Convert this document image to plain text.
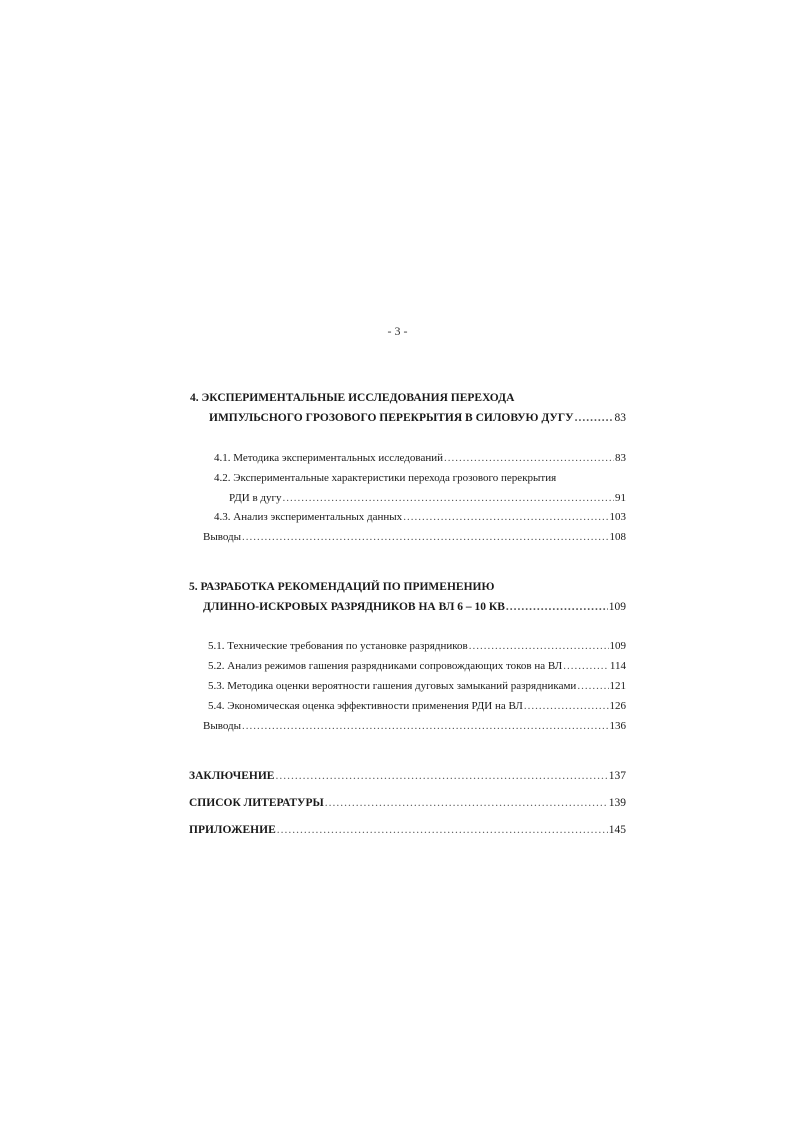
- 3 -
4. ЭКСПЕРИМЕНТАЛЬНЫЕ ИССЛЕДОВАНИЯ ПЕРЕХОДА
ИМПУЛЬСНОГО ГРОЗОВОГО ПЕРЕКРЫТИЯ В СИЛОВУЮ ДУГУ .....	83
4.1. Методика экспериментальных исследований .....	83
4.2. Экспериментальные характеристики перехода грозового перекрытия
РДИ в дугу .....	91
4.3. Анализ экспериментальных данных .....	103
Выводы .....	108
5. РАЗРАБОТКА РЕКОМЕНДАЦИЙ ПО ПРИМЕНЕНИЮ
ДЛИННО-ИСКРОВЫХ РАЗРЯДНИКОВ НА ВЛ 6 – 10 КВ .....	109
5.1. Технические требования по установке разрядников .....	109
5.2. Анализ режимов гашения разрядниками сопровождающих токов на ВЛ .....	114
5.3. Методика оценки вероятности гашения дуговых замыканий разрядниками .....	121
5.4. Экономическая оценка эффективности применения РДИ на ВЛ .....	126
Выводы .....	136
ЗАКЛЮЧЕНИЕ .....	137
СПИСОК ЛИТЕРАТУРЫ .....	139
ПРИЛОЖЕНИЕ .....	145
